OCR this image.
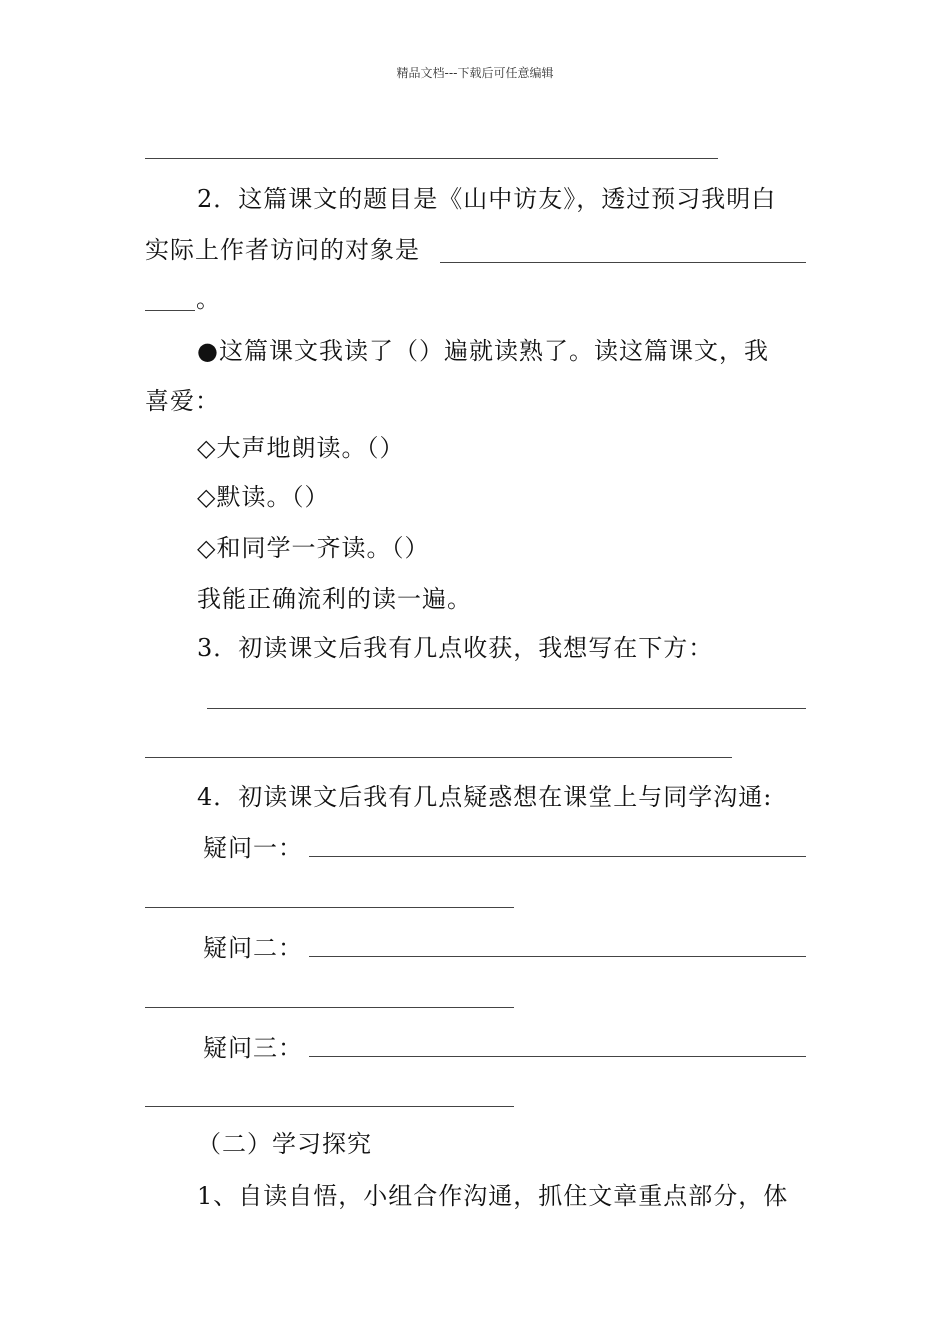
精品文档---下载后可任意编辑
2．这篇课文的题目是《山中访友》，透过预习我明白
实际上作者访问的对象是
。
●这篇课文我读了（）遍就读熟了。读这篇课文，我
喜爱：
◇大声地朗读。（）
◇默读。（）
◇和同学一齐读。（）
我能正确流利的读一遍。
3．初读课文后我有几点收获，我想写在下方：
4．初读课文后我有几点疑惑想在课堂上与同学沟通:
疑问一：
疑问二：
疑问三：
（二）学习探究
1、自读自悟，小组合作沟通，抓住文章重点部分，体
